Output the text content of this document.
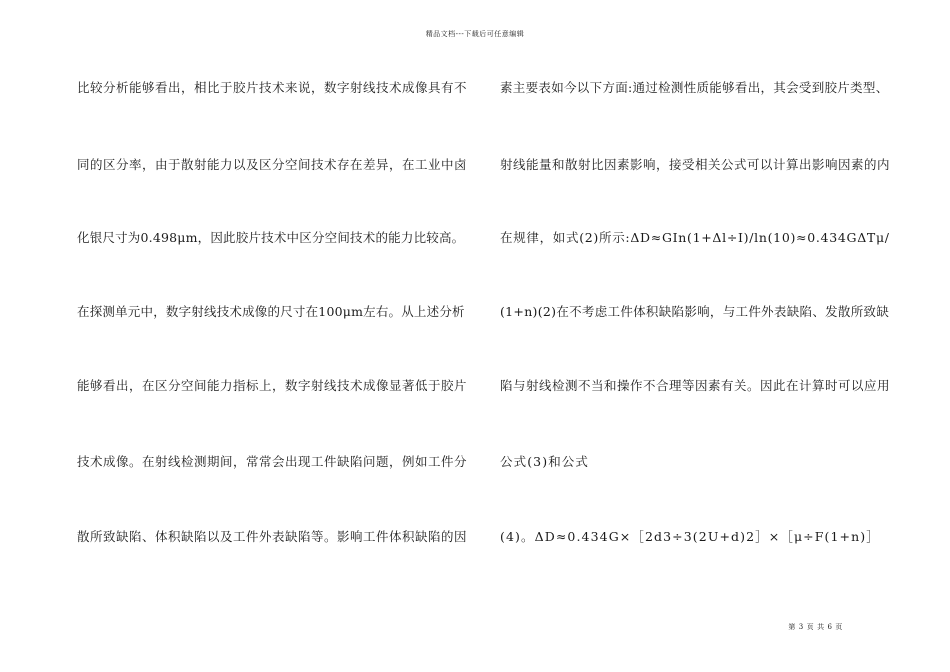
精品文档---下载后可任意编辑
比较分析能够看出，相比于胶片技术来说，数字射线技术成像具有不
同的区分率，由于散射能力以及区分空间技术存在差异，在工业中卤
化银尺寸为0.498μm，因此胶片技术中区分空间技术的能力比较高。
在探测单元中，数字射线技术成像的尺寸在100μm左右。从上述分析
能够看出，在区分空间能力指标上，数字射线技术成像显著低于胶片
技术成像。在射线检测期间，常常会出现工件缺陷问题，例如工件分
散所致缺陷、体积缺陷以及工件外表缺陷等。影响工件体积缺陷的因
素主要表如今以下方面:通过检测性质能够看出，其会受到胶片类型、
射线能量和散射比因素影响，接受相关公式可以计算出影响因素的内
在规律，如式(2)所示:ΔD≈GIn(1+Δl÷I)/ln(10)≈0.434GΔTμ/
(1+n)(2)在不考虑工件体积缺陷影响，与工件外表缺陷、发散所致缺
陷与射线检测不当和操作不合理等因素有关。因此在计算时可以应用
公式(3)和公式
(4)。ΔD≈0.434G×［2d3÷3(2U+d)2］×［μ÷F(1+n)］
第 3 页 共 6 页
